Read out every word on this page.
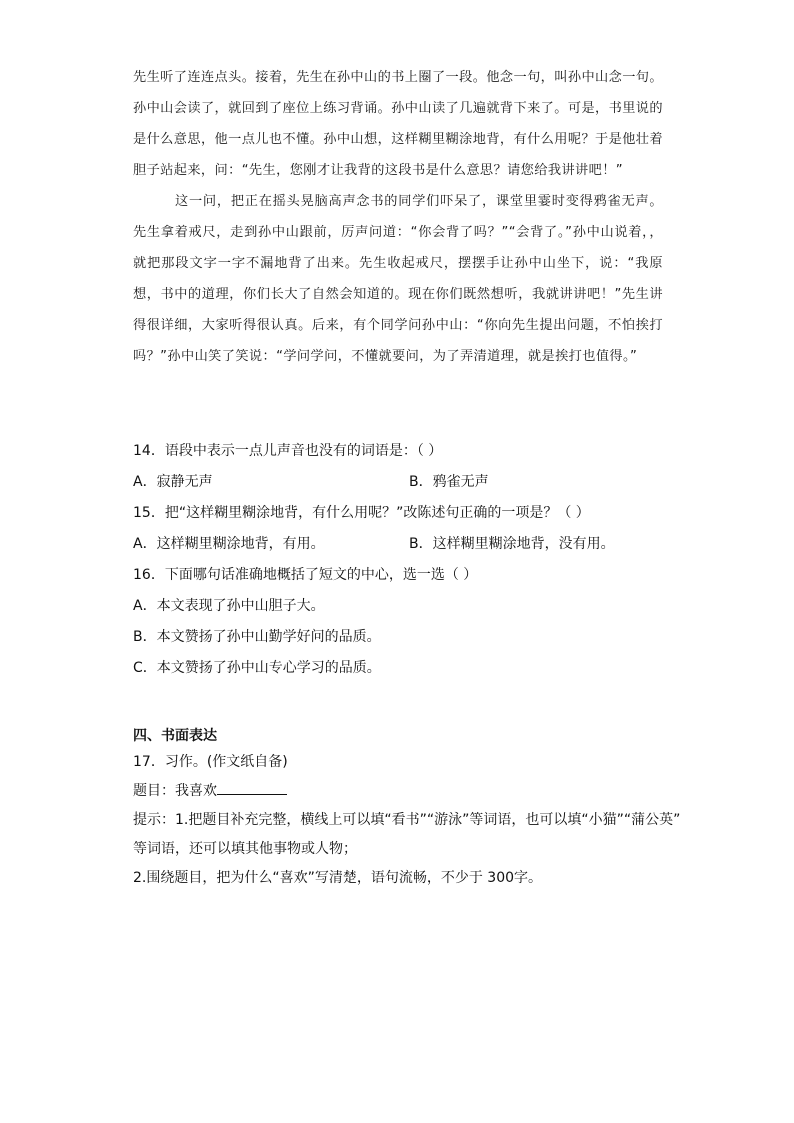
先生听了连连点头。接着，先生在孙中山的书上圈了一段。他念一句，叫孙中山念一句。孙中山会读了，就回到了座位上练习背诵。孙中山读了几遍就背下来了。可是，书里说的是什么意思，他一点儿也不懂。孙中山想，这样糊里糊涂地背，有什么用呢？于是他壮着胆子站起来，问：“先生，您刚才让我背的这段书是什么意思？请您给我讲讲吧！”

这一问，把正在摇头晃脑高声念书的同学们吓呆了，课堂里霎时变得鸦雀无声。先生拿着戒尺，走到孙中山跟前，厉声问道：“你会背了吗？”“会背了。”孙中山说着，，就把那段文字一字不漏地背了出来。先生收起戒尺，摆摆手让孙中山坐下，说：“我原想，书中的道理，你们长大了自然会知道的。现在你们既然想听，我就讲讲吧！”先生讲得很详细，大家听得很认真。后来，有个同学问孙中山：“你向先生提出问题，不怕挨打吗？”孙中山笑了笑说：“学问学问，不懂就要问，为了弄清道理，就是挨打也值得。”

14．语段中表示一点儿声音也没有的词语是：（ ）
A．寂静无声	B．鸦雀无声
15．把“这样糊里糊涂地背，有什么用呢？”改陈述句正确的一项是？（ ）
A．这样糊里糊涂地背，有用。	B．这样糊里糊涂地背，没有用。
16．下面哪句话准确地概括了短文的中心，选一选（ ）
A．本文表现了孙中山胆子大。
B．本文赞扬了孙中山勤学好问的品质。
C．本文赞扬了孙中山专心学习的品质。
四、书面表达
17．习作。(作文纸自备)
题目：我喜欢
提示：1.把题目补充完整，横线上可以填“看书”“游泳”等词语，也可以填“小猫”“蒲公英”
等词语，还可以填其他事物或人物；
2.围绕题目，把为什么“喜欢”写清楚，语句流畅，不少于 300字。
